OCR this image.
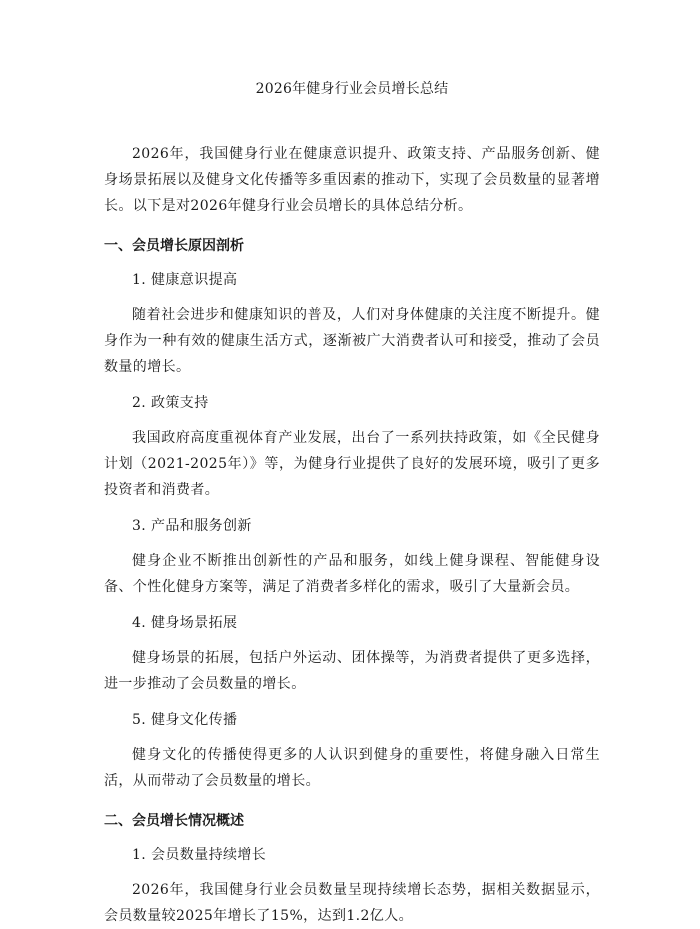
2026年健身行业会员增长总结

2026年，我国健身行业在健康意识提升、政策支持、产品服务创新、健身场景拓展以及健身文化传播等多重因素的推动下，实现了会员数量的显著增长。以下是对2026年健身行业会员增长的具体总结分析。

一、会员增长原因剖析
1. 健康意识提高

随着社会进步和健康知识的普及，人们对身体健康的关注度不断提升。健身作为一种有效的健康生活方式，逐渐被广大消费者认可和接受，推动了会员数量的增长。

2. 政策支持

我国政府高度重视体育产业发展，出台了一系列扶持政策，如《全民健身计划（2021-2025年）》等，为健身行业提供了良好的发展环境，吸引了更多投资者和消费者。

3. 产品和服务创新

健身企业不断推出创新性的产品和服务，如线上健身课程、智能健身设备、个性化健身方案等，满足了消费者多样化的需求，吸引了大量新会员。

4. 健身场景拓展

健身场景的拓展，包括户外运动、团体操等，为消费者提供了更多选择，进一步推动了会员数量的增长。

5. 健身文化传播

健身文化的传播使得更多的人认识到健身的重要性，将健身融入日常生活，从而带动了会员数量的增长。

二、会员增长情况概述
1. 会员数量持续增长

2026年，我国健身行业会员数量呈现持续增长态势，据相关数据显示，会员数量较2025年增长了15%，达到1.2亿人。
